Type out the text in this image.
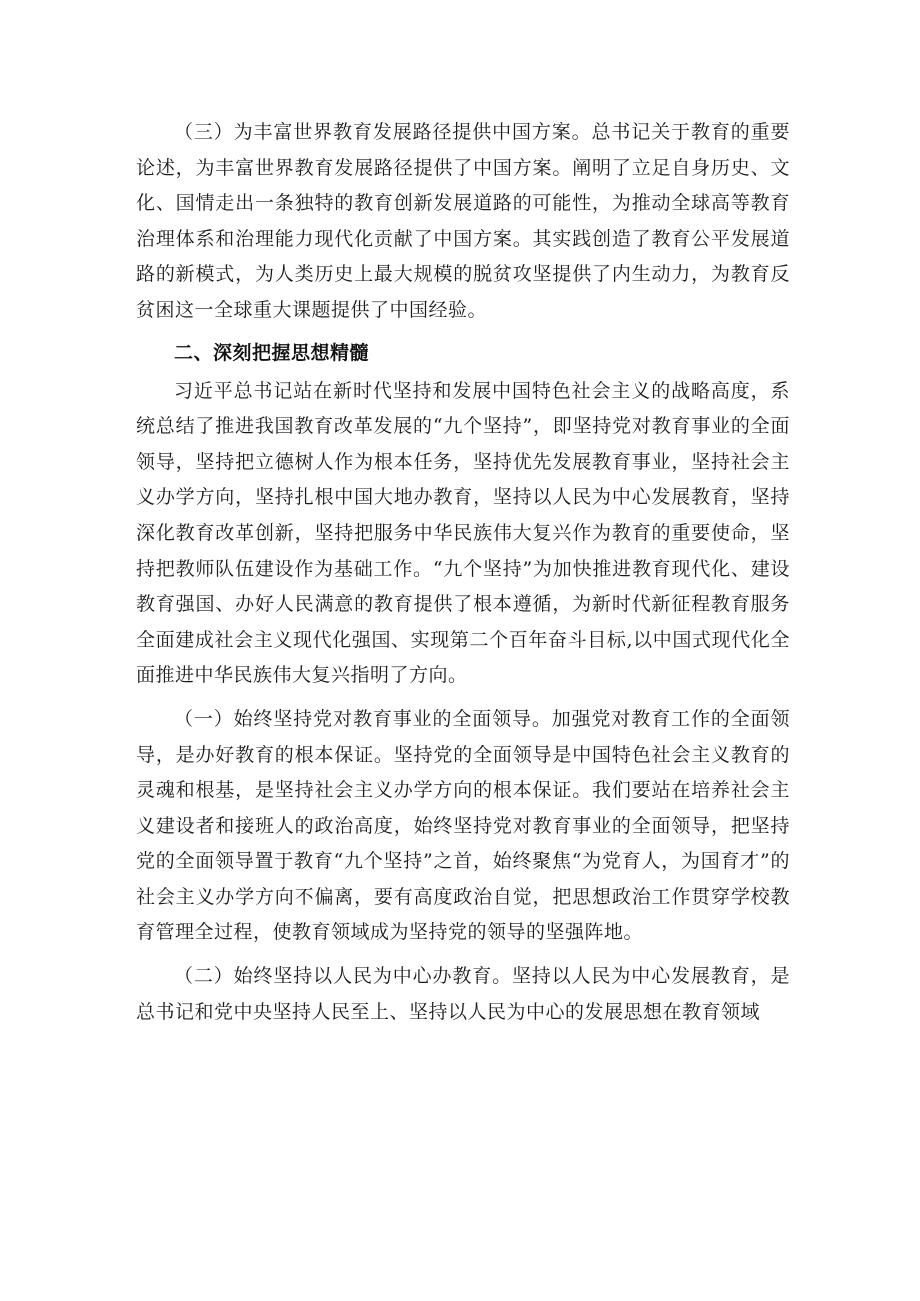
（三）为丰富世界教育发展路径提供中国方案。总书记关于教育的重要论述，为丰富世界教育发展路径提供了中国方案。阐明了立足自身历史、文化、国情走出一条独特的教育创新发展道路的可能性，为推动全球高等教育治理体系和治理能力现代化贡献了中国方案。其实践创造了教育公平发展道路的新模式，为人类历史上最大规模的脱贫攻坚提供了内生动力，为教育反贫困这一全球重大课题提供了中国经验。

二、深刻把握思想精髓

习近平总书记站在新时代坚持和发展中国特色社会主义的战略高度，系统总结了推进我国教育改革发展的“九个坚持”，即坚持党对教育事业的全面领导，坚持把立德树人作为根本任务，坚持优先发展教育事业，坚持社会主义办学方向，坚持扎根中国大地办教育，坚持以人民为中心发展教育，坚持深化教育改革创新，坚持把服务中华民族伟大复兴作为教育的重要使命，坚持把教师队伍建设作为基础工作。“九个坚持”为加快推进教育现代化、建设教育强国、办好人民满意的教育提供了根本遵循，为新时代新征程教育服务全面建成社会主义现代化强国、实现第二个百年奋斗目标,以中国式现代化全面推进中华民族伟大复兴指明了方向。

（一）始终坚持党对教育事业的全面领导。加强党对教育工作的全面领导，是办好教育的根本保证。坚持党的全面领导是中国特色社会主义教育的灵魂和根基，是坚持社会主义办学方向的根本保证。我们要站在培养社会主义建设者和接班人的政治高度，始终坚持党对教育事业的全面领导，把坚持党的全面领导置于教育“九个坚持”之首，始终聚焦“为党育人，为国育才”的社会主义办学方向不偏离，要有高度政治自觉，把思想政治工作贯穿学校教育管理全过程，使教育领域成为坚持党的领导的坚强阵地。

（二）始终坚持以人民为中心办教育。坚持以人民为中心发展教育，是总书记和党中央坚持人民至上、坚持以人民为中心的发展思想在教育领域
